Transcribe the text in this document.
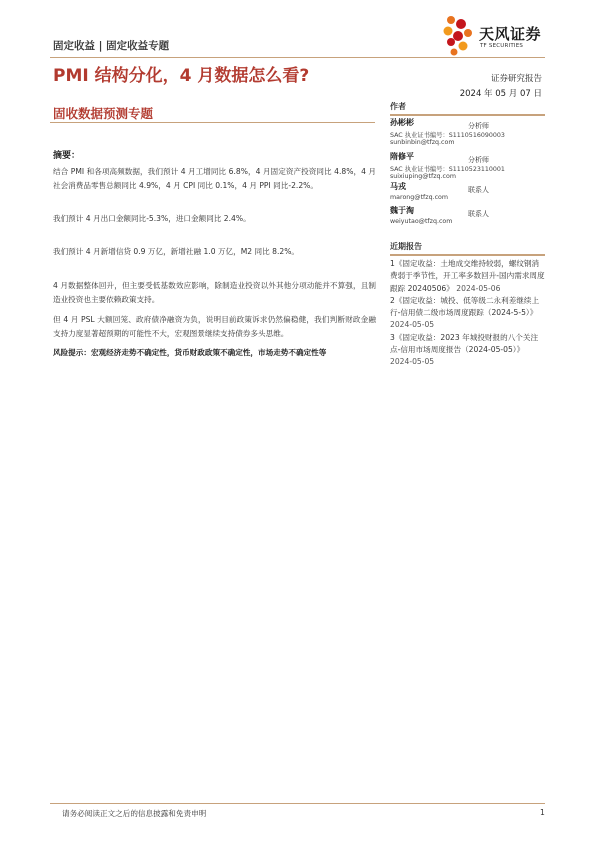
固定收益 | 固定收益专题
天风证券
TF SECURITIES
PMI 结构分化，4 月数据怎么看?	证券研究报告
2024 年 05 月 07 日
固收数据预测专题
摘要：
结合 PMI 和各项高频数据，我们预计 4 月工增同比 6.8%，4 月固定资产投资同比 4.8%，4 月社会消费品零售总额同比 4.9%，4 月 CPI 同比 0.1%，4 月 PPI 同比-2.2%。
我们预计 4 月出口金额同比-5.3%，进口金额同比 2.4%。
我们预计 4 月新增信贷 0.9 万亿，新增社融 1.0 万亿，M2 同比 8.2%。
4 月数据整体回升，但主要受低基数效应影响，除制造业投资以外其他分项动能并不算强，且制造业投资也主要依赖政策支持。
但 4 月 PSL 大额回笼、政府债净融资为负，说明目前政策诉求仍然偏稳健，我们判断财政金融支持力度显著超预期的可能性不大，宏观图景继续支持债券多头思维。
风险提示：宏观经济走势不确定性，货币财政政策不确定性，市场走势不确定性等
作者
孙彬彬	分析师
SAC 执业证书编号：S1110516090003
sunbinbin@tfzq.com
隋修平	分析师
SAC 执业证书编号：S1110523110001
suixiuping@tfzq.com
马戎	联系人
marong@tfzq.com
魏于淘	联系人
weiyutao@tfzq.com
近期报告
1《固定收益：土地成交维持较弱，螺纹钢消费弱于季节性，开工率多数回升-国内需求周度跟踪 20240506》 2024-05-06
2《固定收益：城投、低等级二永利差继续上行-信用债二级市场周度跟踪（2024-5-5）》 2024-05-05
3《固定收益：2023 年城投财报的八个关注点-信用市场周度报告（2024-05-05）》 2024-05-05
请务必阅读正文之后的信息披露和免责申明	1
